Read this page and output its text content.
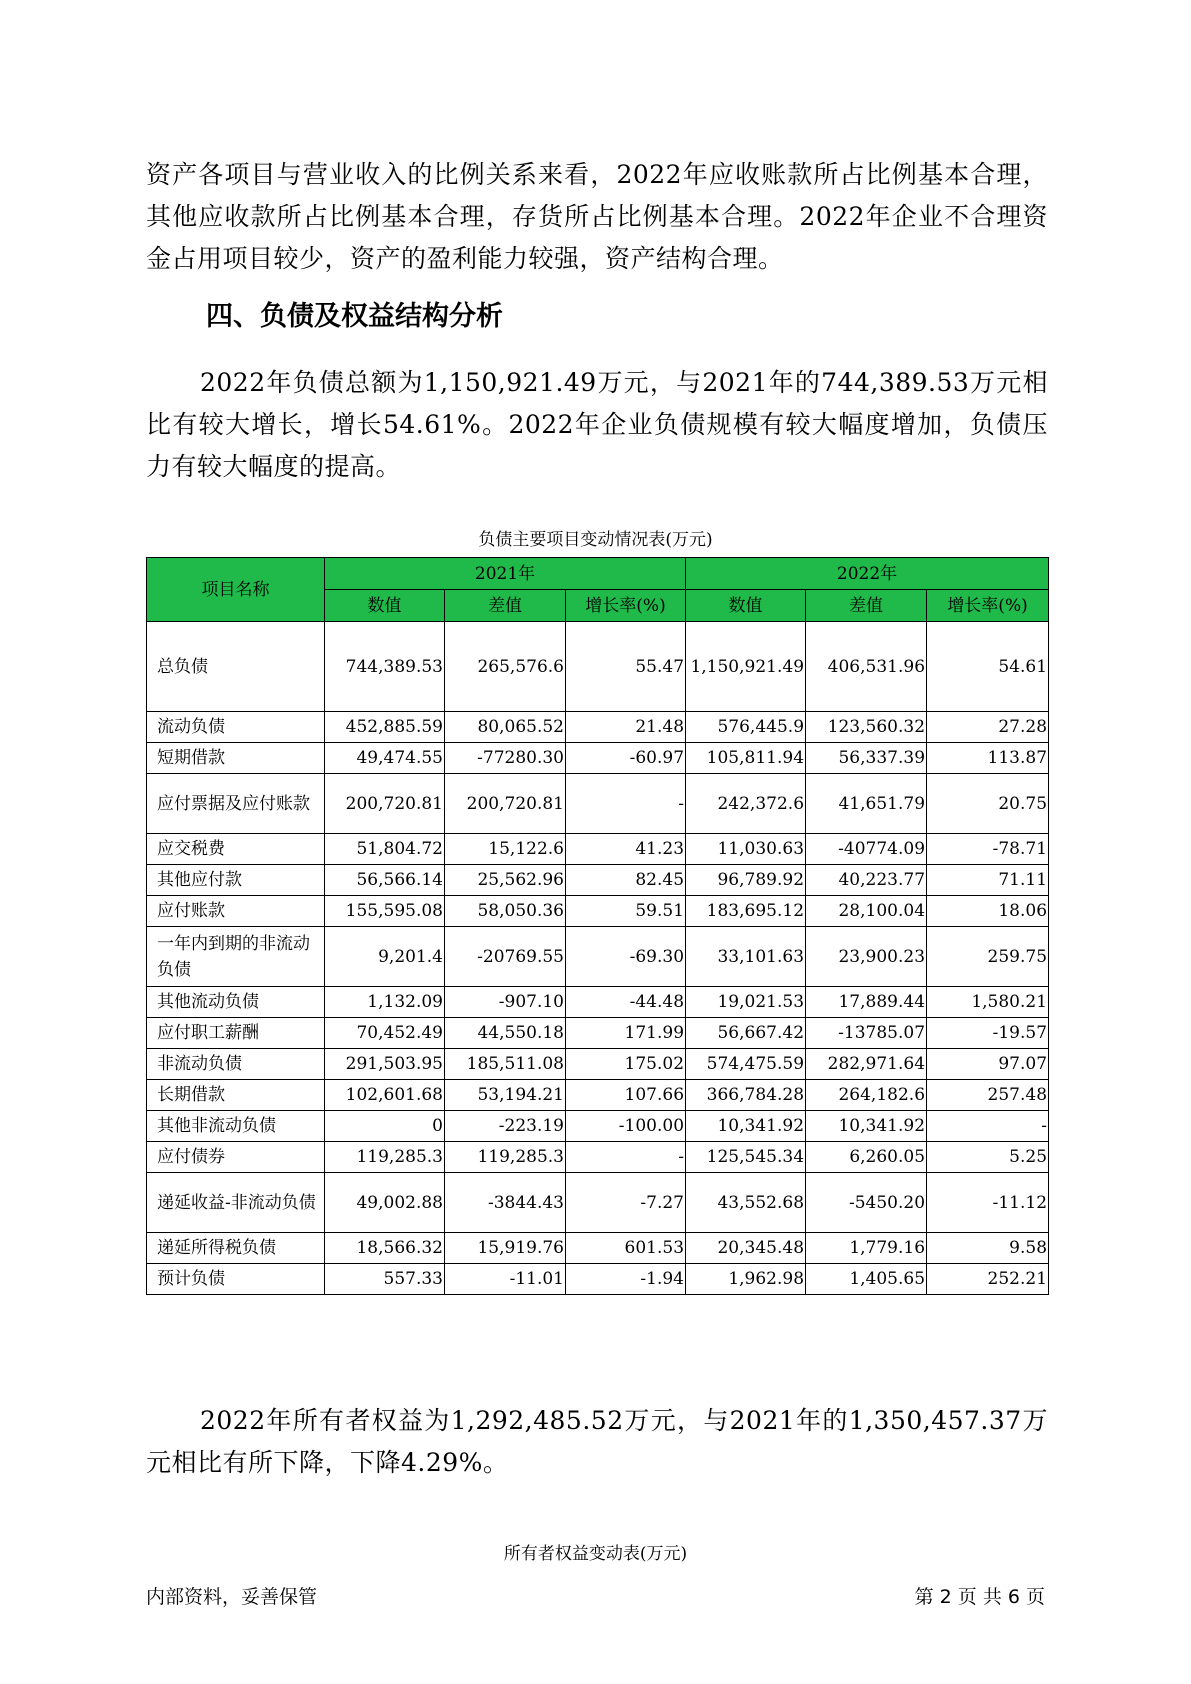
资产各项目与营业收入的比例关系来看，2022年应收账款所占比例基本合理，其他应收款所占比例基本合理，存货所占比例基本合理。2022年企业不合理资金占用项目较少，资产的盈利能力较强，资产结构合理。
四、负债及权益结构分析
2022年负债总额为1,150,921.49万元，与2021年的744,389.53万元相比有较大增长，增长54.61%。2022年企业负债规模有较大幅度增加，负债压力有较大幅度的提高。
负债主要项目变动情况表(万元)
项目名称	2021年			2022年		
	数值	差值	增长率(%)	数值	差值	增长率(%)
总负债	744,389.53	265,576.6	55.47	1,150,921.49	406,531.96	54.61
流动负债	452,885.59	80,065.52	21.48	576,445.9	123,560.32	27.28
短期借款	49,474.55	-77280.30	-60.97	105,811.94	56,337.39	113.87
应付票据及应付账款	200,720.81	200,720.81	-	242,372.6	41,651.79	20.75
应交税费	51,804.72	15,122.6	41.23	11,030.63	-40774.09	-78.71
其他应付款	56,566.14	25,562.96	82.45	96,789.92	40,223.77	71.11
应付账款	155,595.08	58,050.36	59.51	183,695.12	28,100.04	18.06
一年内到期的非流动负债	9,201.4	-20769.55	-69.30	33,101.63	23,900.23	259.75
其他流动负债	1,132.09	-907.10	-44.48	19,021.53	17,889.44	1,580.21
应付职工薪酬	70,452.49	44,550.18	171.99	56,667.42	-13785.07	-19.57
非流动负债	291,503.95	185,511.08	175.02	574,475.59	282,971.64	97.07
长期借款	102,601.68	53,194.21	107.66	366,784.28	264,182.6	257.48
其他非流动负债	0	-223.19	-100.00	10,341.92	10,341.92	-
应付债券	119,285.3	119,285.3	-	125,545.34	6,260.05	5.25
递延收益-非流动负债	49,002.88	-3844.43	-7.27	43,552.68	-5450.20	-11.12
递延所得税负债	18,566.32	15,919.76	601.53	20,345.48	1,779.16	9.58
预计负债	557.33	-11.01	-1.94	1,962.98	1,405.65	252.21
2022年所有者权益为1,292,485.52万元，与2021年的1,350,457.37万元相比有所下降，下降4.29%。
所有者权益变动表(万元)
内部资料，妥善保管	第 2 页 共 6 页
